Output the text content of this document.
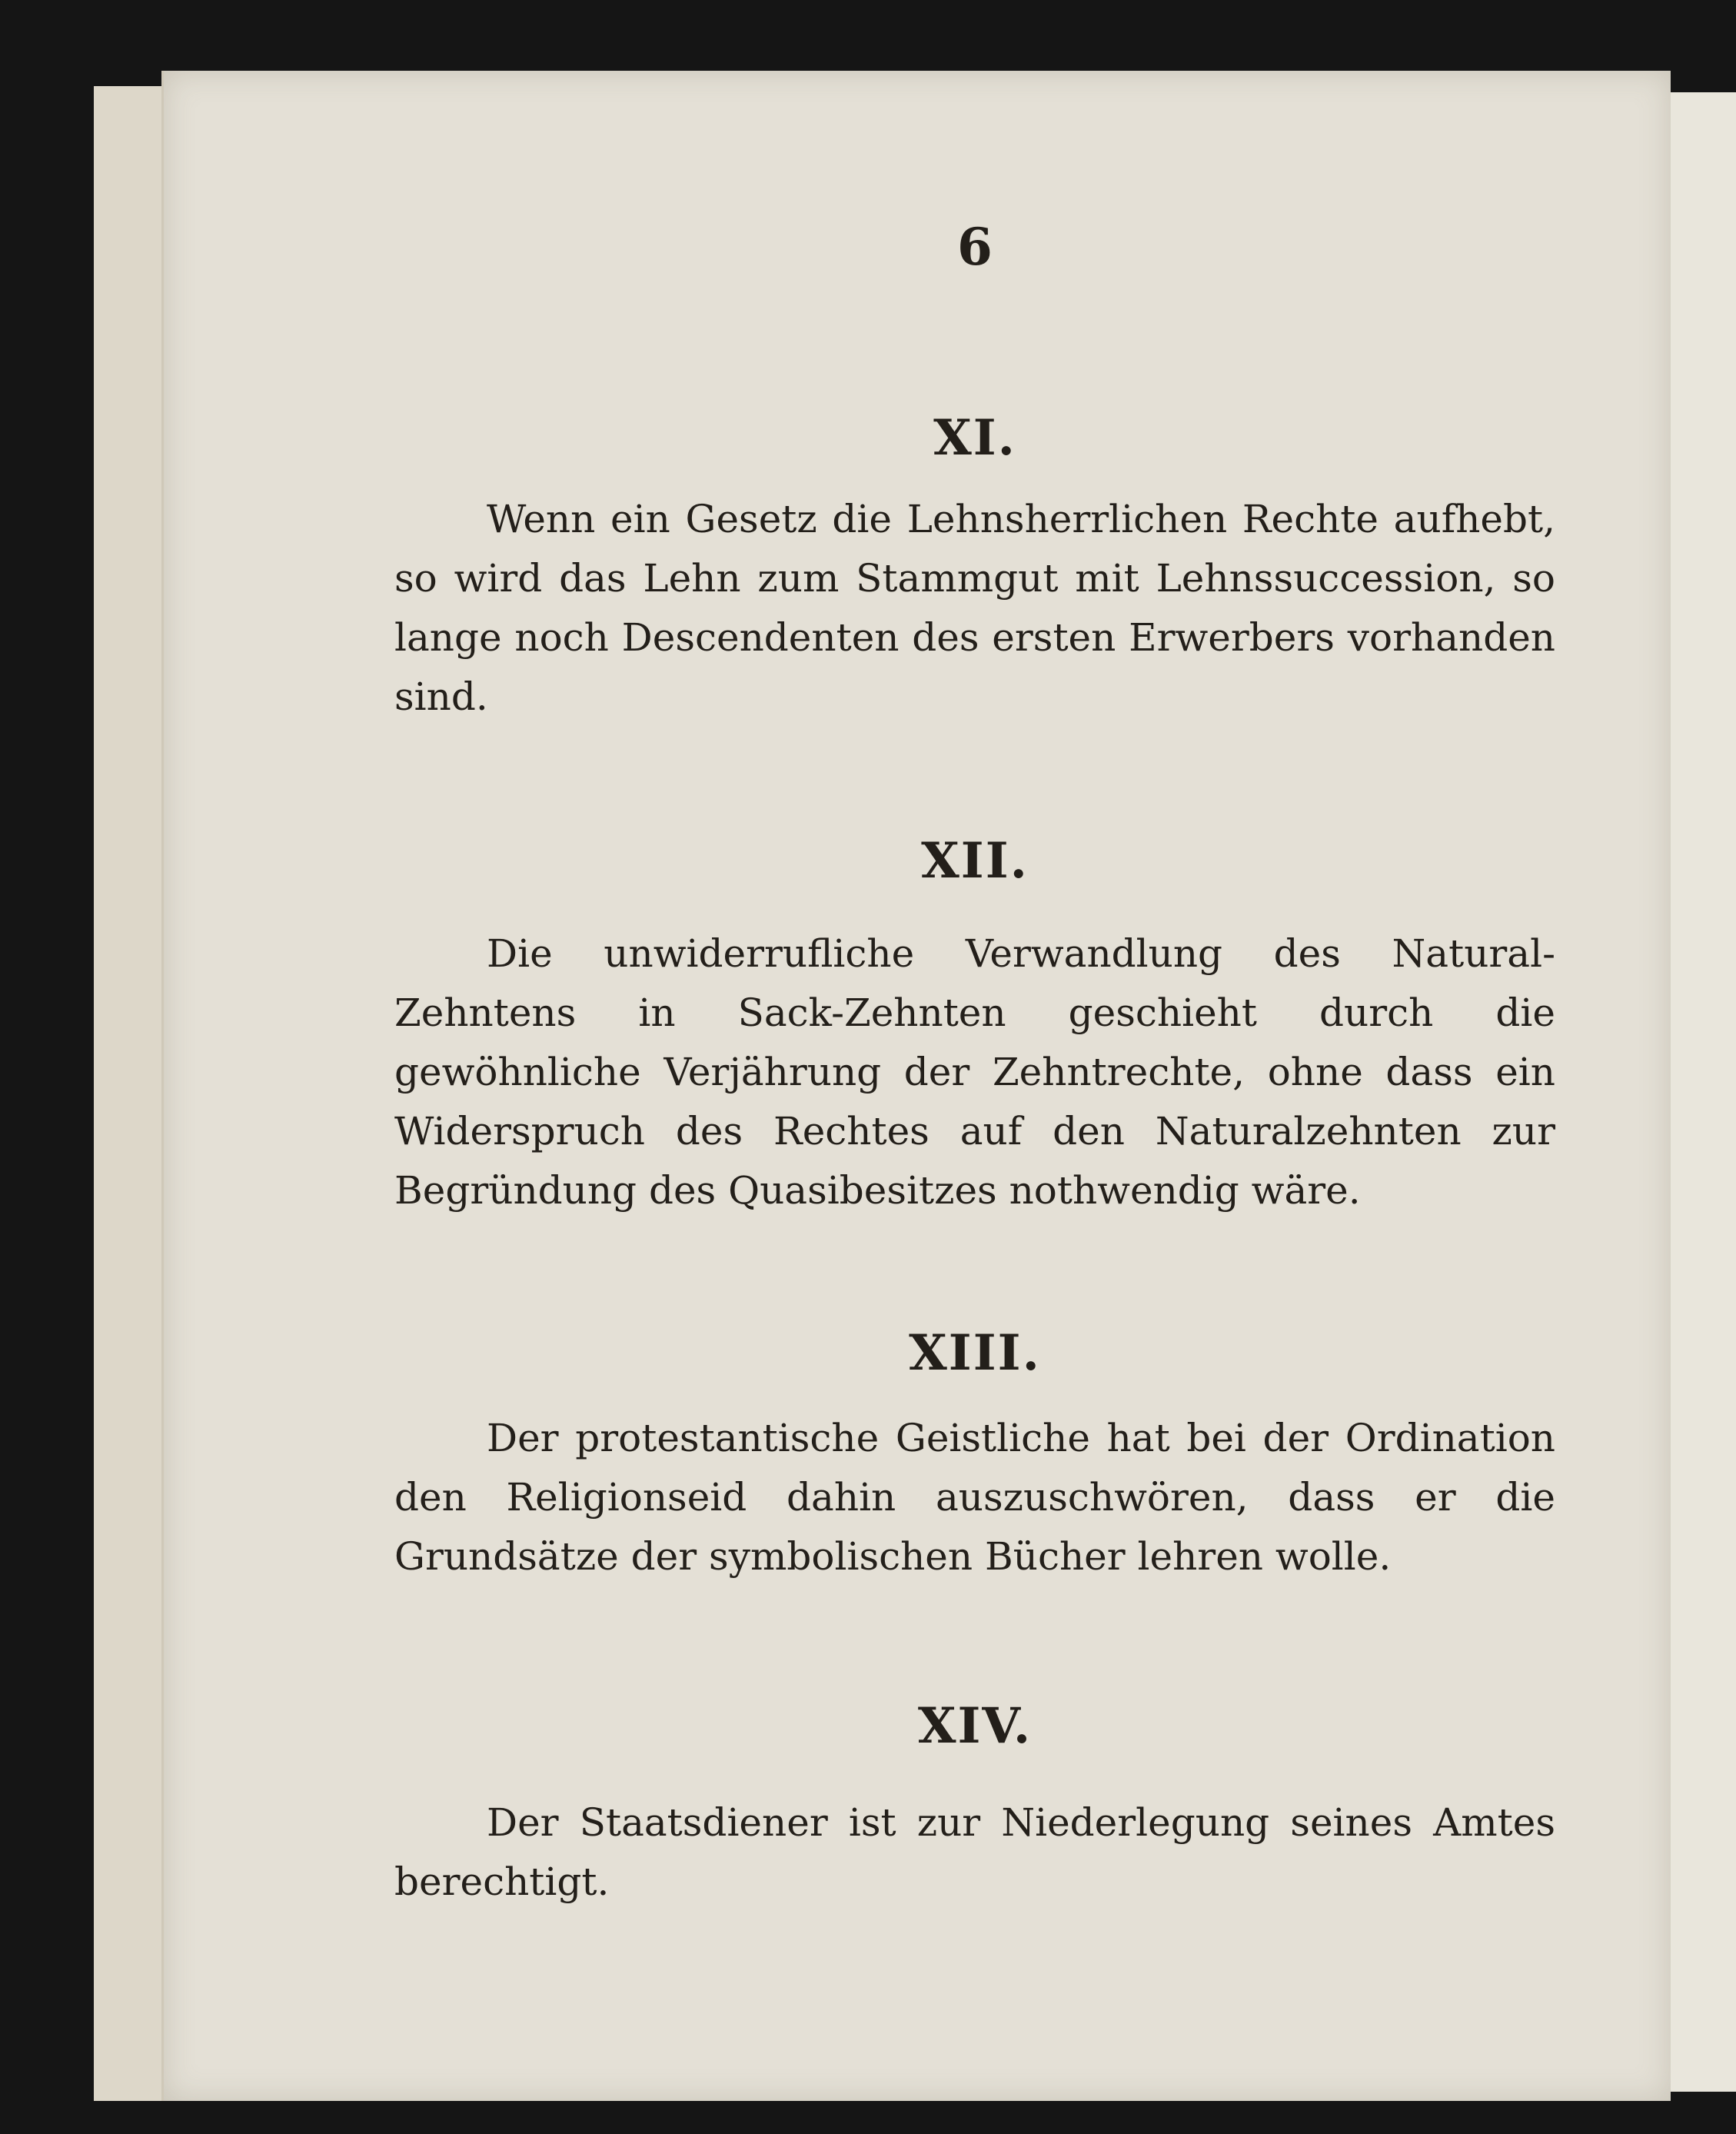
6
XI.

Wenn ein Gesetz die Lehnsherrlichen Rechte aufhebt, so wird das Lehn zum Stammgut mit Lehnssuccession, so lange noch Descendenten des ersten Erwerbers vorhanden sind.

XII.

Die unwiderrufliche Verwandlung des Natural-Zehntens in Sack-Zehnten geschieht durch die gewöhnliche Verjährung der Zehntrechte, ohne dass ein Widerspruch des Rechtes auf den Naturalzehnten zur Begründung des Quasibesitzes nothwendig wäre.

XIII.

Der protestantische Geistliche hat bei der Ordination den Religionseid dahin auszuschwören, dass er die Grundsätze der symbolischen Bücher lehren wolle.

XIV.

Der Staatsdiener ist zur Niederlegung seines Amtes berechtigt.
